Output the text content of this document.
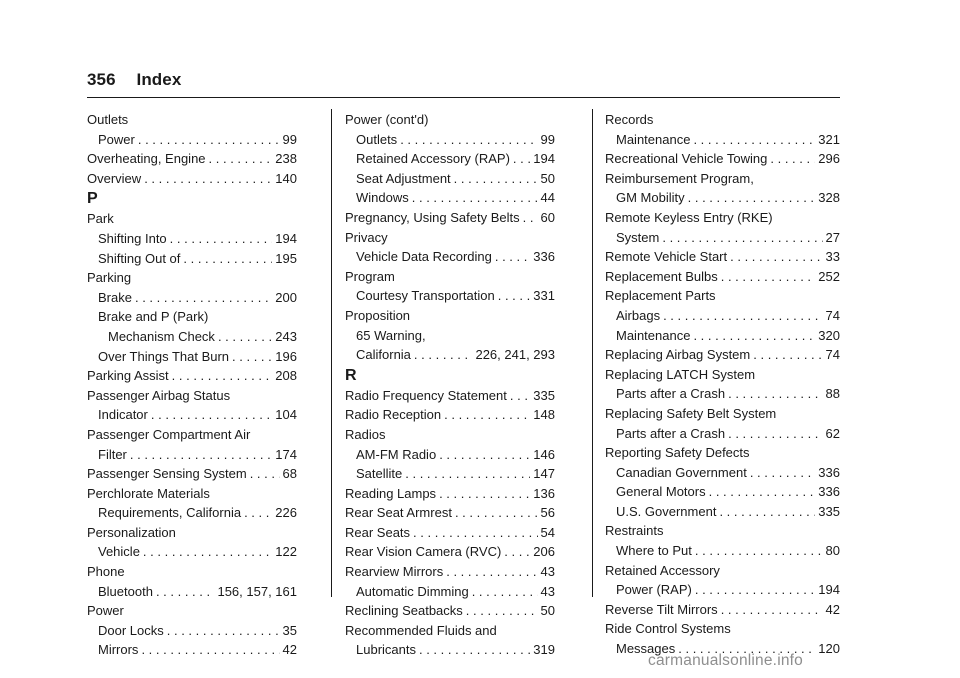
356 Index
Outlets
Power . . .	99
Overheating, Engine . . .	238
Overview . . .	140
P
Park
Shifting Into . . .	194
Shifting Out of . . .	195
Parking
Brake . . .	200
Brake and P (Park)
Mechanism Check . . .	243
Over Things That Burn . . .	196
Parking Assist . . .	208
Passenger Airbag Status
Indicator . . .	104
Passenger Compartment Air
Filter . . .	174
Passenger Sensing System . . .	68
Perchlorate Materials
Requirements, California . . .	226
Personalization
Vehicle . . .	122
Phone
Bluetooth . . .	156, 157, 161
Power
Door Locks . . .	35
Mirrors . . .	42
Power (cont'd)
Outlets . . .	99
Retained Accessory (RAP) . . . 194
Seat Adjustment . . .	50
Windows . . .	44
Pregnancy, Using Safety Belts . . . 60
Privacy
Vehicle Data Recording . . .	336
Program
Courtesy Transportation . . .	331
Proposition
65 Warning,
California . . .	226, 241, 293
R
Radio Frequency Statement . . . 335
Radio Reception . . .	148
Radios
AM-FM Radio . . .	146
Satellite . . .	147
Reading Lamps . . .	136
Rear Seat Armrest . . .	56
Rear Seats . . .	54
Rear Vision Camera (RVC) . . . 206
Rearview Mirrors . . .	43
Automatic Dimming . . .	43
Reclining Seatbacks . . .	50
Recommended Fluids and
Lubricants . . .	319
Records
Maintenance . . .	321
Recreational Vehicle Towing . . .	296
Reimbursement Program,
GM Mobility . . .	328
Remote Keyless Entry (RKE)
System . . .	27
Remote Vehicle Start . . .	33
Replacement Bulbs . . .	252
Replacement Parts
Airbags . . .	74
Maintenance . . .	320
Replacing Airbag System . . .	74
Replacing LATCH System
Parts after a Crash . . .	88
Replacing Safety Belt System
Parts after a Crash . . .	62
Reporting Safety Defects
Canadian Government . . .	336
General Motors . . .	336
U.S. Government . . .	335
Restraints
Where to Put . . .	80
Retained Accessory
Power (RAP) . . .	194
Reverse Tilt Mirrors . . .	42
Ride Control Systems
Messages . . .	120
carmanualsonline.info
